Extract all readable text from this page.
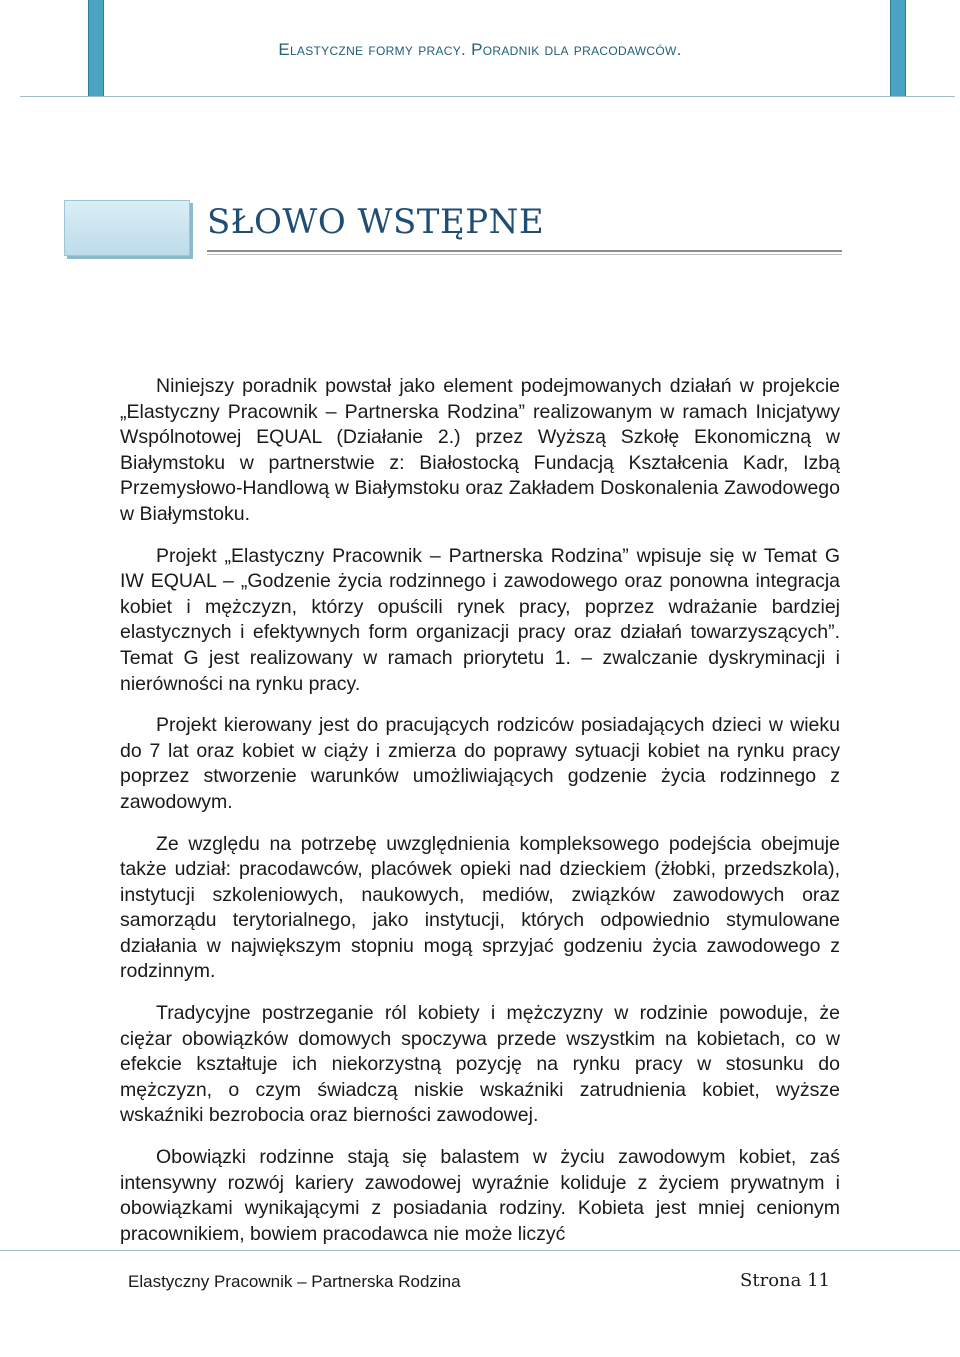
Elastyczne formy pracy. Poradnik dla pracodawców.
SŁOWO WSTĘPNE

Niniejszy poradnik powstał jako element podejmowanych działań w projekcie „Elastyczny Pracownik – Partnerska Rodzina” realizowanym w ramach Inicjatywy Wspólnotowej EQUAL (Działanie 2.) przez Wyższą Szkołę Ekonomiczną w Białymstoku w partnerstwie z: Białostocką Fundacją Kształcenia Kadr, Izbą Przemysłowo-Handlową w Białymstoku oraz Zakładem Doskonalenia Zawodowego w Białymstoku.

Projekt „Elastyczny Pracownik – Partnerska Rodzina” wpisuje się w Temat G IW EQUAL – „Godzenie życia rodzinnego i zawodowego oraz ponowna integracja kobiet i mężczyzn, którzy opuścili rynek pracy, poprzez wdrażanie bardziej elastycznych i efektywnych form organizacji pracy oraz działań towarzyszących”. Temat G jest realizowany w ramach priorytetu 1. – zwalczanie dyskryminacji i nierówności na rynku pracy.

Projekt kierowany jest do pracujących rodziców posiadających dzieci w wieku do 7 lat oraz kobiet w ciąży i zmierza do poprawy sytuacji kobiet na rynku pracy poprzez stworzenie warunków umożliwiających godzenie życia rodzinnego z zawodowym.

Ze względu na potrzebę uwzględnienia kompleksowego podejścia obejmuje także udział: pracodawców, placówek opieki nad dzieckiem (żłobki, przedszkola), instytucji szkoleniowych, naukowych, mediów, związków zawodowych oraz samorządu terytorialnego, jako instytucji, których odpowiednio stymulowane działania w największym stopniu mogą sprzyjać godzeniu życia zawodowego z rodzinnym.

Tradycyjne postrzeganie ról kobiety i mężczyzny w rodzinie powoduje, że ciężar obowiązków domowych spoczywa przede wszystkim na kobietach, co w efekcie kształtuje ich niekorzystną pozycję na rynku pracy w stosunku do mężczyzn, o czym świadczą niskie wskaźniki zatrudnienia kobiet, wyższe wskaźniki bezrobocia oraz bierności zawodowej.

Obowiązki rodzinne stają się balastem w życiu zawodowym kobiet, zaś intensywny rozwój kariery zawodowej wyraźnie koliduje z życiem prywatnym i obowiązkami wynikającymi z posiadania rodziny. Kobieta jest mniej cenionym pracownikiem, bowiem pracodawca nie może liczyć

Elastyczny Pracownik – Partnerska Rodzina	Strona 11
